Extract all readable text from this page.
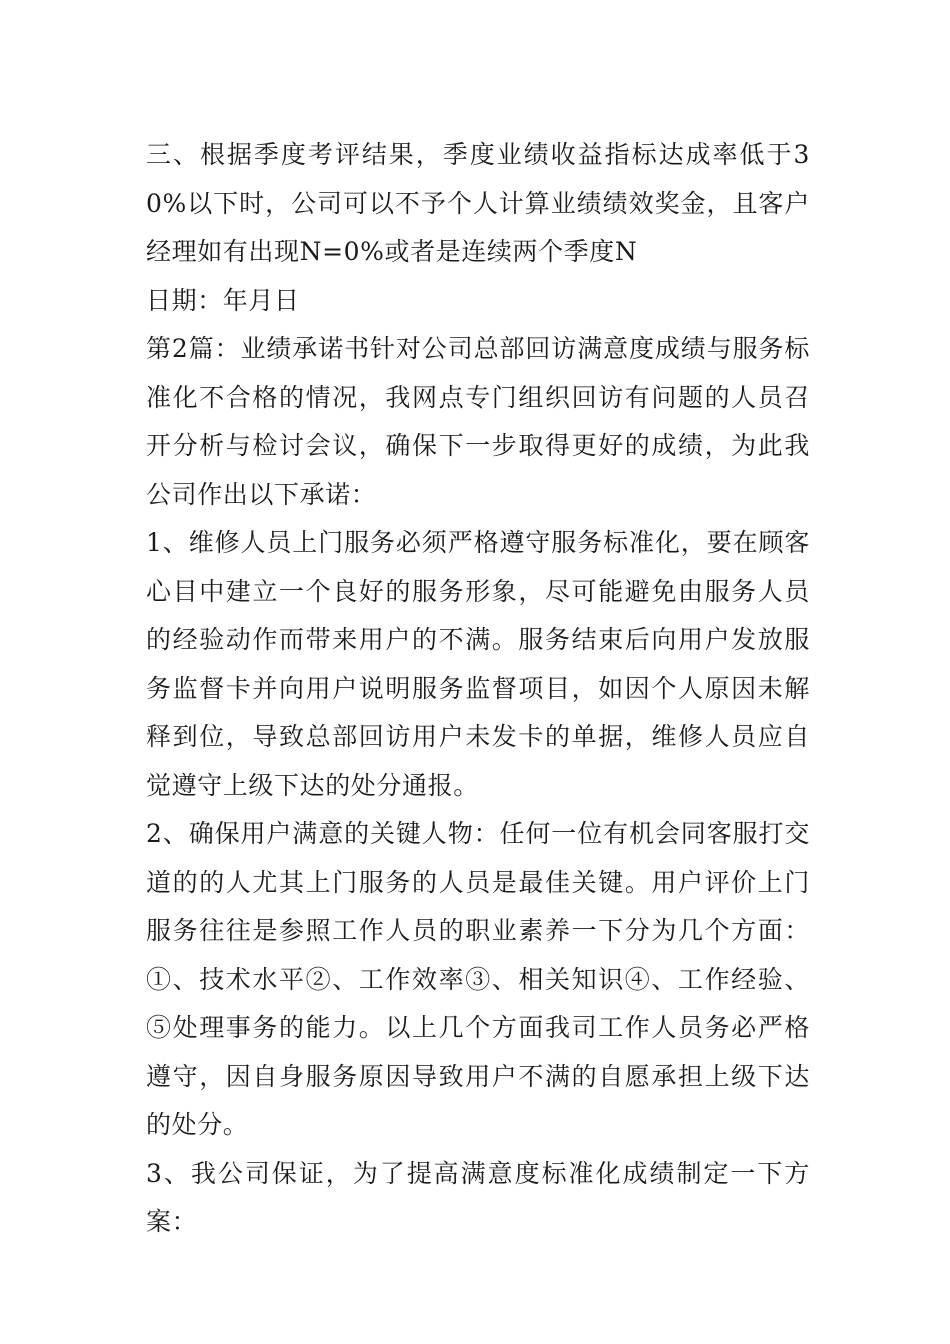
三、根据季度考评结果，季度业绩收益指标达成率低于30%以下时，公司可以不予个人计算业绩绩效奖金，且客户经理如有出现N=0%或者是连续两个季度N

日期：年月日

第2篇：业绩承诺书针对公司总部回访满意度成绩与服务标准化不合格的情况，我网点专门组织回访有问题的人员召开分析与检讨会议，确保下一步取得更好的成绩，为此我公司作出以下承诺：

1、维修人员上门服务必须严格遵守服务标准化，要在顾客心目中建立一个良好的服务形象，尽可能避免由服务人员的经验动作而带来用户的不满。服务结束后向用户发放服务监督卡并向用户说明服务监督项目，如因个人原因未解释到位，导致总部回访用户未发卡的单据，维修人员应自觉遵守上级下达的处分通报。

2、确保用户满意的关键人物：任何一位有机会同客服打交道的的人尤其上门服务的人员是最佳关键。用户评价上门服务往往是参照工作人员的职业素养一下分为几个方面：①、技术水平②、工作效率③、相关知识④、工作经验、⑤处理事务的能力。以上几个方面我司工作人员务必严格遵守，因自身服务原因导致用户不满的自愿承担上级下达的处分。

3、我公司保证，为了提高满意度标准化成绩制定一下方案：
